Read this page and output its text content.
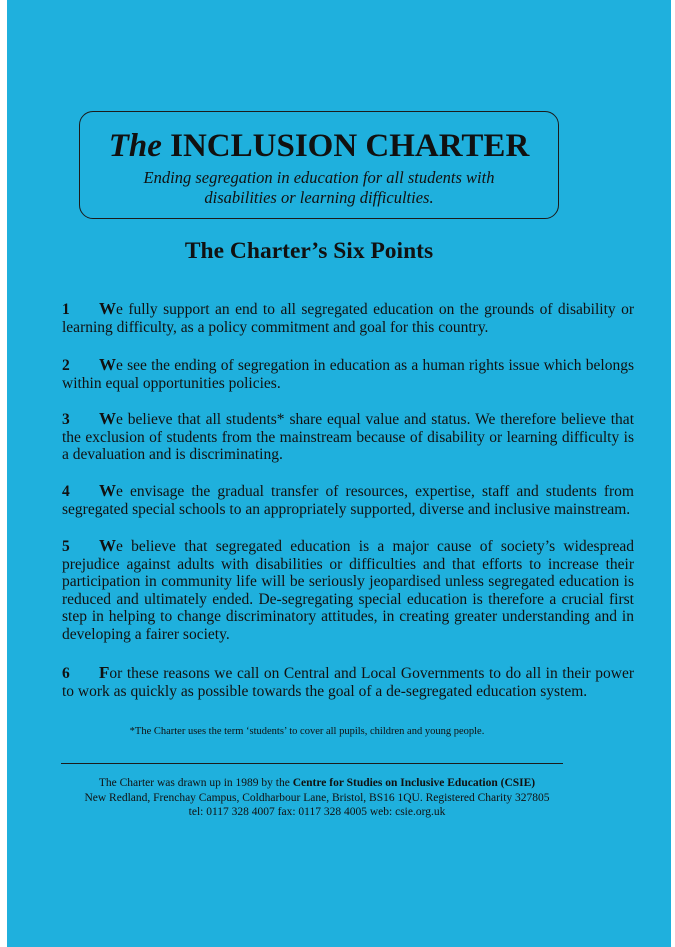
The INCLUSION CHARTER
Ending segregation in education for all students with
disabilities or learning difficulties.
The Charter’s Six Points
1 We fully support an end to all segregated education on the grounds of disability or learning difficulty, as a policy commitment and goal for this country.
2 We see the ending of segregation in education as a human rights issue which belongs within equal opportunities policies.
3 We believe that all students* share equal value and status. We therefore believe that the exclusion of students from the mainstream because of disability or learning difficulty is a devaluation and is discriminating.
4 We envisage the gradual transfer of resources, expertise, staff and students from segregated special schools to an appropriately supported, diverse and inclusive mainstream.
5 We believe that segregated education is a major cause of society’s widespread prejudice against adults with disabilities or difficulties and that efforts to increase their participation in community life will be seriously jeopardised unless segregated education is reduced and ultimately ended. De-segregating special education is therefore a crucial first step in helping to change discriminatory attitudes, in creating greater understanding and in developing a fairer society.
6 For these reasons we call on Central and Local Governments to do all in their power to work as quickly as possible towards the goal of a de-segregated education system.
*The Charter uses the term ‘students’ to cover all pupils, children and young people.
The Charter was drawn up in 1989 by the Centre for Studies on Inclusive Education (CSIE)
New Redland, Frenchay Campus, Coldharbour Lane, Bristol, BS16 1QU. Registered Charity 327805
tel: 0117 328 4007 fax: 0117 328 4005 web: csie.org.uk
